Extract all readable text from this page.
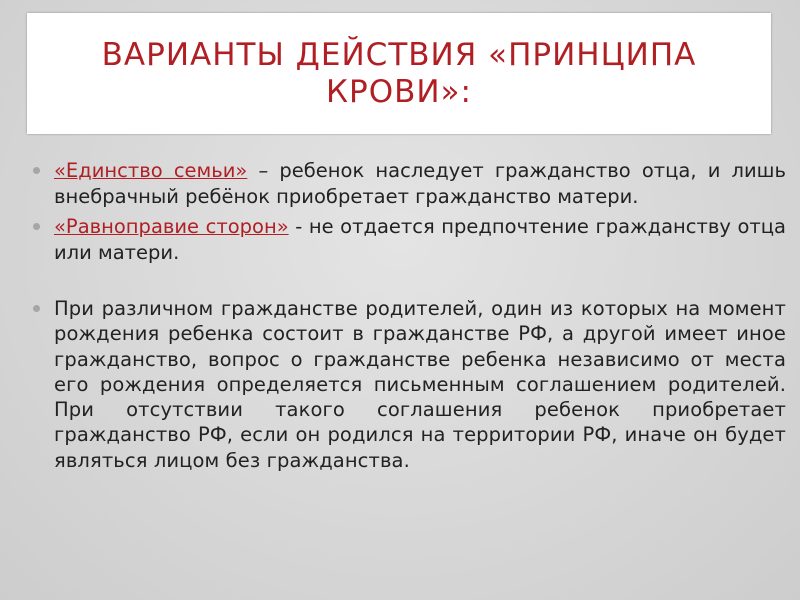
ВАРИАНТЫ ДЕЙСТВИЯ «ПРИНЦИПА КРОВИ»:
«Единство семьи» – ребенок наследует гражданство отца, и лишь внебрачный ребёнок приобретает гражданство матери.
«Равноправие сторон» - не отдается предпочтение гражданству отца или матери.
При различном гражданстве родителей, один из которых на момент рождения ребенка состоит в гражданстве РФ, а другой имеет иное гражданство, вопрос о гражданстве ребенка независимо от места его рождения определяется письменным соглашением родителей. При отсутствии такого соглашения ребенок приобретает гражданство РФ, если он родился на территории РФ, иначе он будет являться лицом без гражданства.
